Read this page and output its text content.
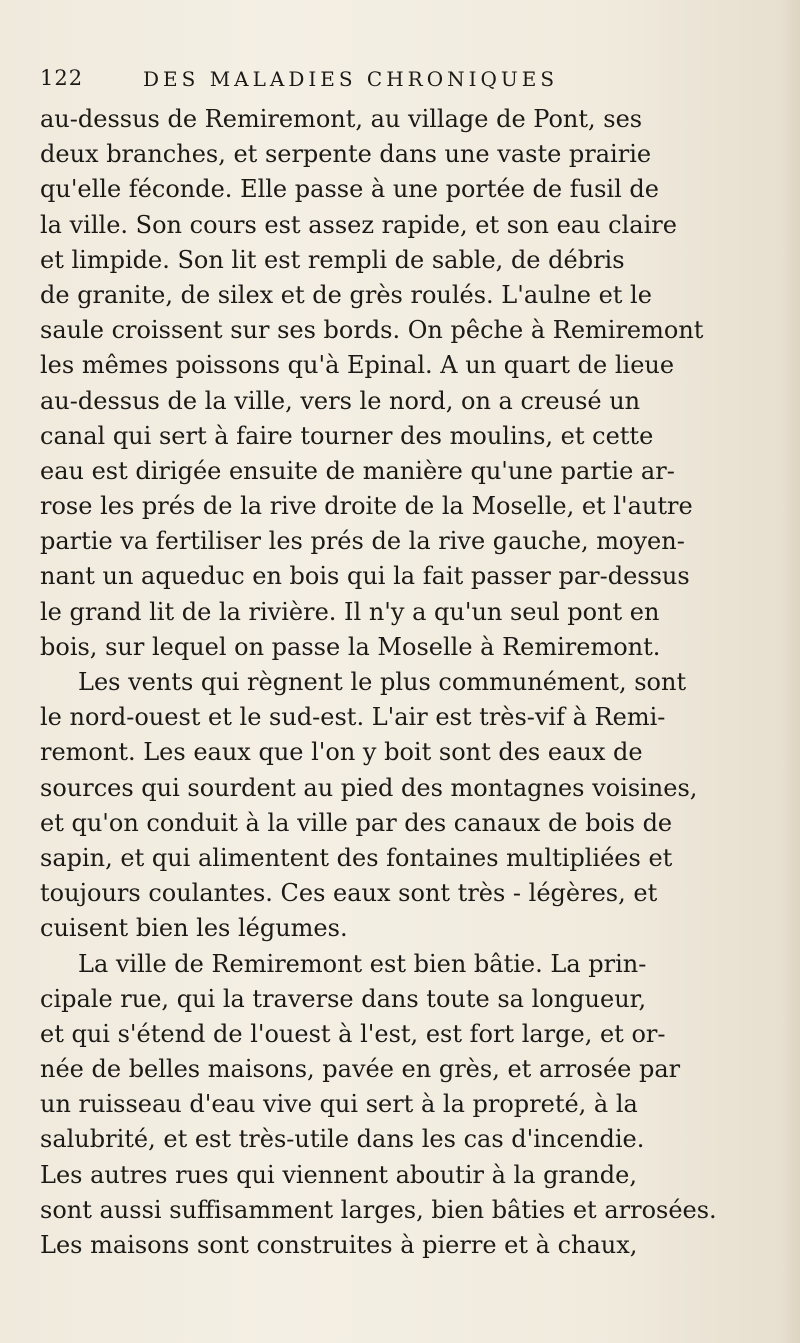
122	DES MALADIES CHRONIQUES
au-dessus de Remiremont, au village de Pont, ses
deux branches, et serpente dans une vaste prairie
qu'elle féconde. Elle passe à une portée de fusil de
la ville. Son cours est assez rapide, et son eau claire
et limpide. Son lit est rempli de sable, de débris
de granite, de silex et de grès roulés. L'aulne et le
saule croissent sur ses bords. On pêche à Remiremont
les mêmes poissons qu'à Epinal. A un quart de lieue
au-dessus de la ville, vers le nord, on a creusé un
canal qui sert à faire tourner des moulins, et cette
eau est dirigée ensuite de manière qu'une partie ar-
rose les prés de la rive droite de la Moselle, et l'autre
partie va fertiliser les prés de la rive gauche, moyen-
nant un aqueduc en bois qui la fait passer par-dessus
le grand lit de la rivière. Il n'y a qu'un seul pont en
bois, sur lequel on passe la Moselle à Remiremont.
Les vents qui règnent le plus communément, sont
le nord-ouest et le sud-est. L'air est très-vif à Remi-
remont. Les eaux que l'on y boit sont des eaux de
sources qui sourdent au pied des montagnes voisines,
et qu'on conduit à la ville par des canaux de bois de
sapin, et qui alimentent des fontaines multipliées et
toujours coulantes. Ces eaux sont très - légères, et
cuisent bien les légumes.
La ville de Remiremont est bien bâtie. La prin-
cipale rue, qui la traverse dans toute sa longueur,
et qui s'étend de l'ouest à l'est, est fort large, et or-
née de belles maisons, pavée en grès, et arrosée par
un ruisseau d'eau vive qui sert à la propreté, à la
salubrité, et est très-utile dans les cas d'incendie.
Les autres rues qui viennent aboutir à la grande,
sont aussi suffisamment larges, bien bâties et arrosées.
Les maisons sont construites à pierre et à chaux,
